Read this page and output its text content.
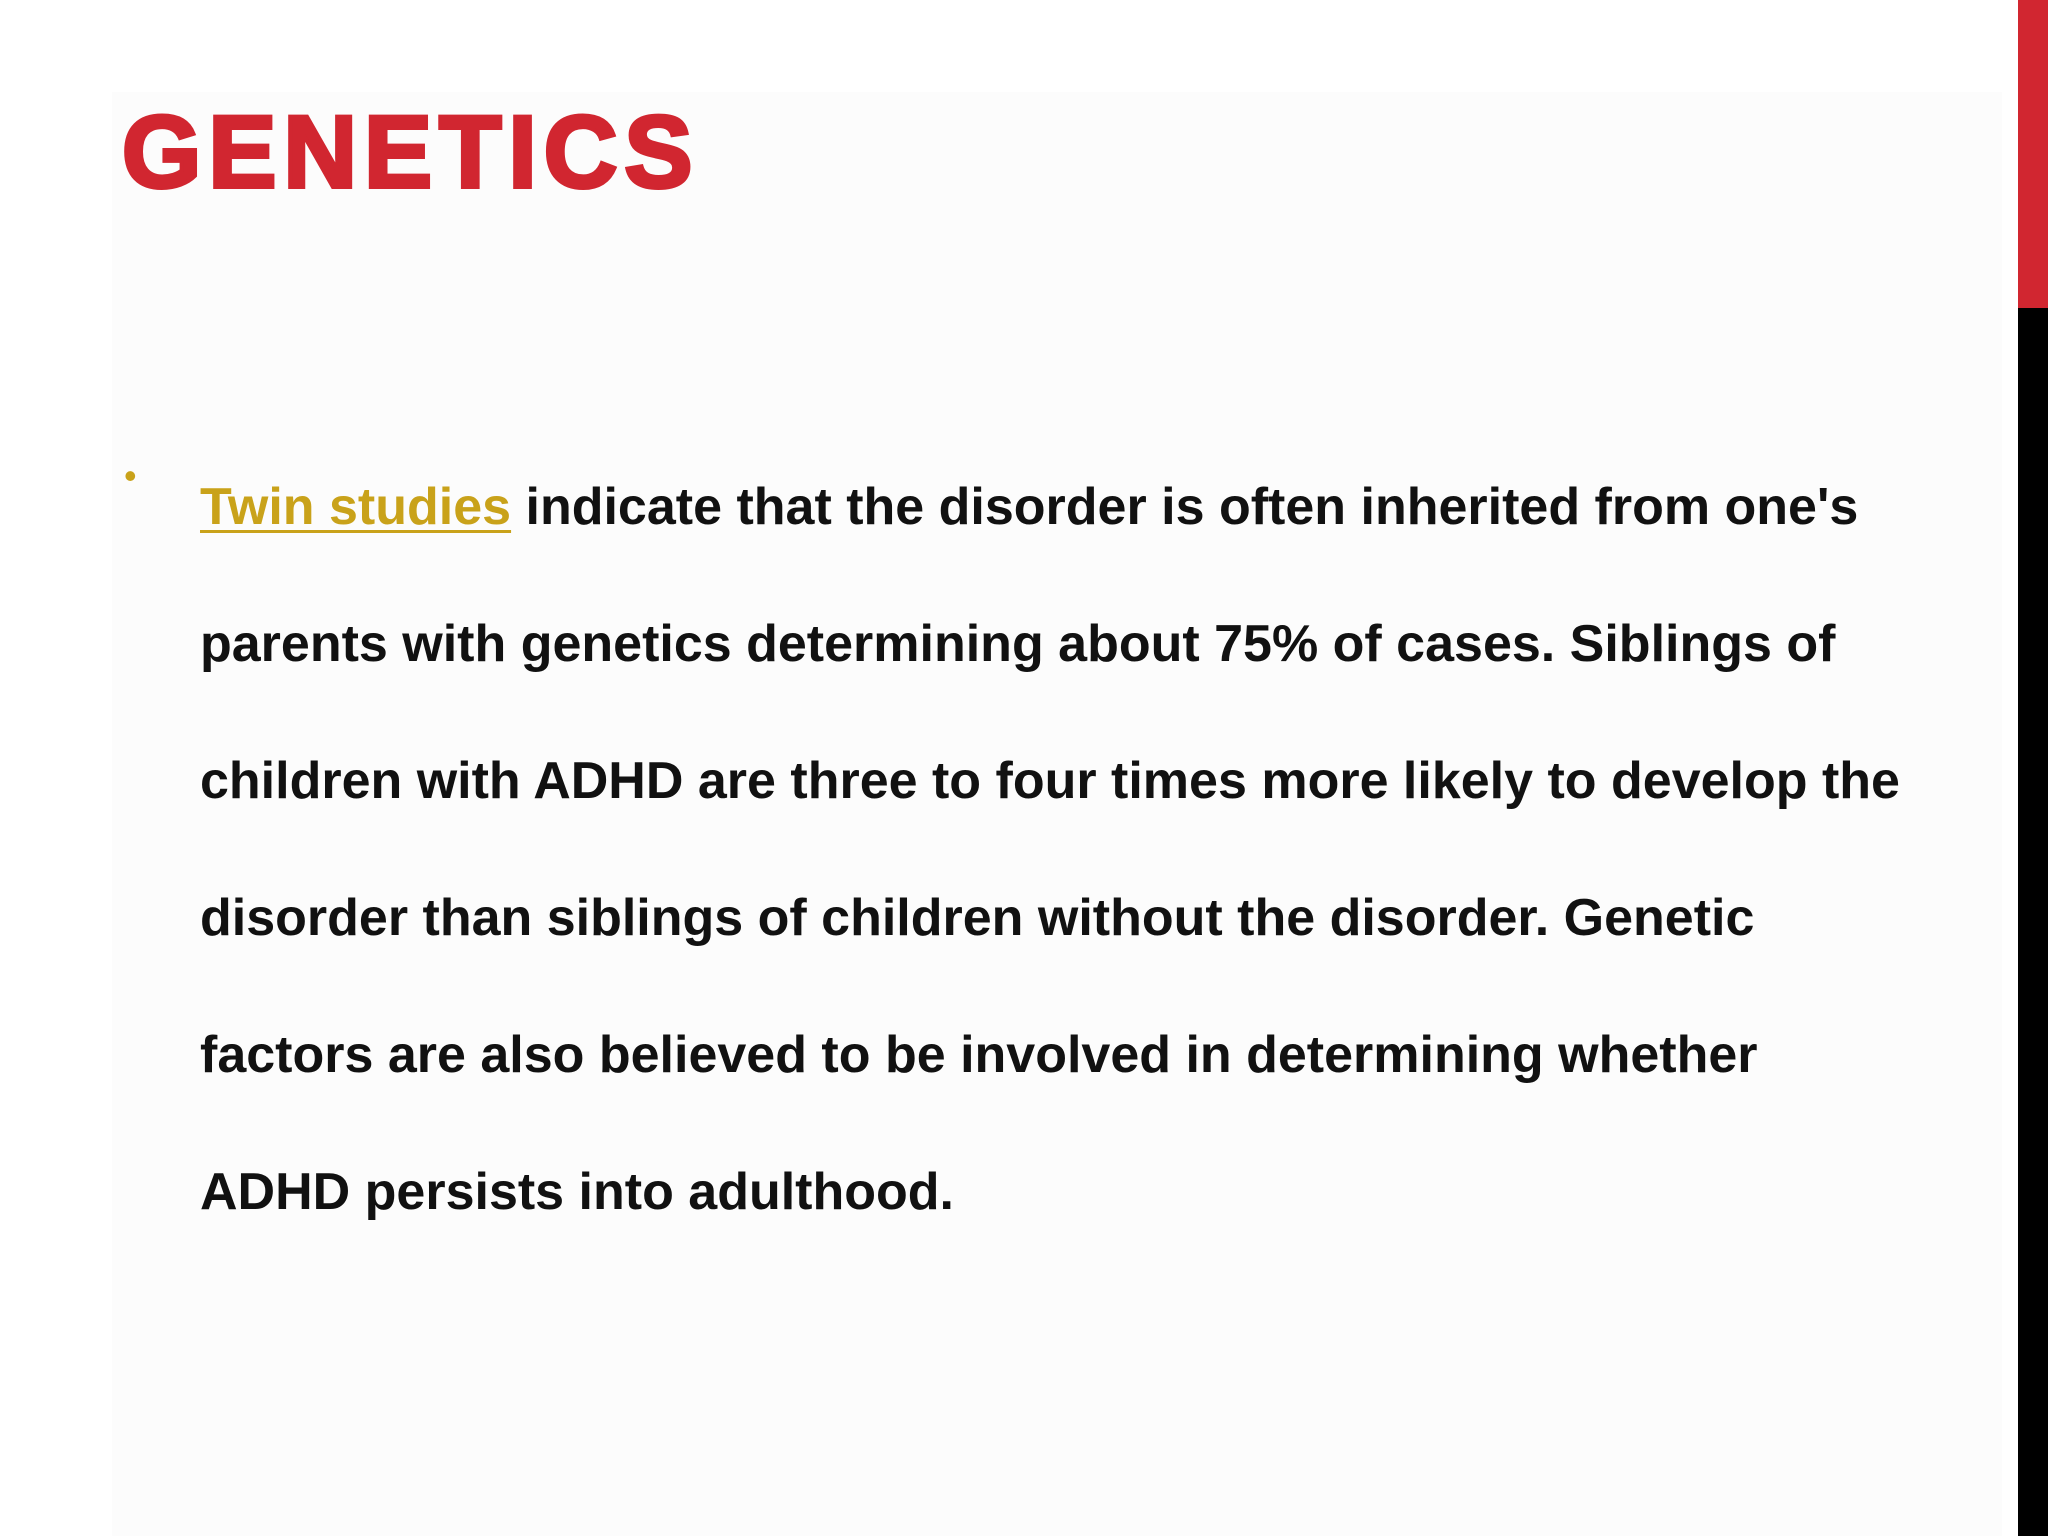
GENETICS
•
Twin studies indicate that the disorder is often inherited from one's parents with genetics determining about 75% of cases. Siblings of children with ADHD are three to four times more likely to develop the disorder than siblings of children without the disorder. Genetic factors are also believed to be involved in determining whether ADHD persists into adulthood.
